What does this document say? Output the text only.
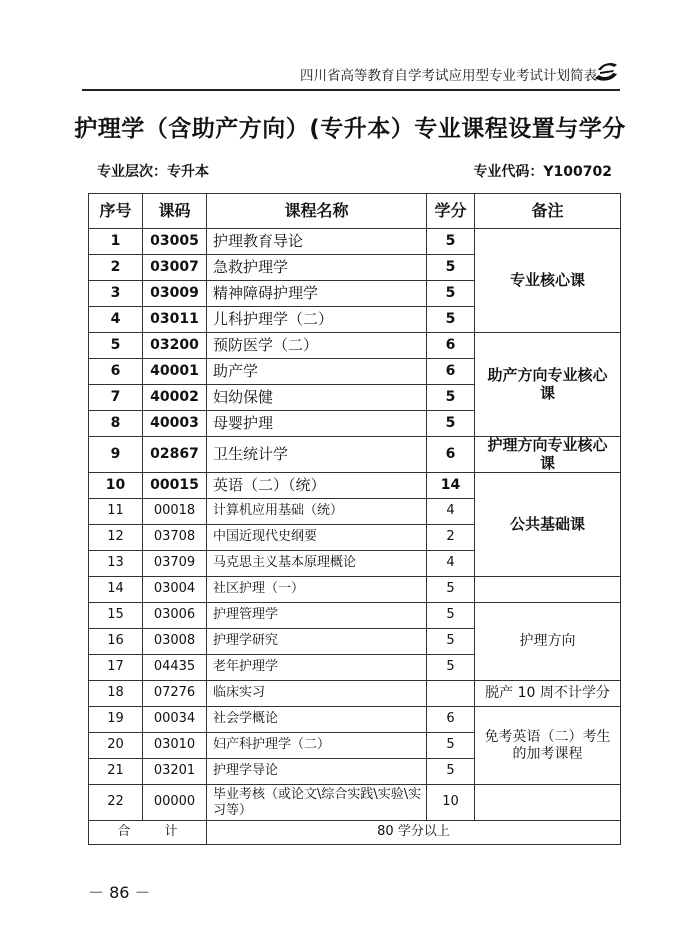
四川省高等教育自学考试应用型专业考试计划简表
护理学（含助产方向）(专升本）专业课程设置与学分
专业层次：专升本	专业代码：Y100702
序号	课码	课程名称	学分	备注
1	03005	护理教育导论	5	专业核心课
2	03007	急救护理学	5	
3	03009	精神障碍护理学	5	
4	03011	儿科护理学（二）	5	
5	03200	预防医学（二）	6	助产方向专业核心课
6	40001	助产学	6	
7	40002	妇幼保健	5	
8	40003	母婴护理	5	
9	02867	卫生统计学	6	护理方向专业核心课
10	00015	英语（二）（统）	14	公共基础课
11	00018	计算机应用基础（统）	4	
12	03708	中国近现代史纲要	2	
13	03709	马克思主义基本原理概论	4	
14	03004	社区护理（一）	5	
15	03006	护理管理学	5	护理方向
16	03008	护理学研究	5	
17	04435	老年护理学	5	
18	07276	临床实习		脱产 10 周不计学分
19	00034	社会学概论	6	免考英语（二）考生的加考课程
20	03010	妇产科护理学（二）	5	
21	03201	护理学导论	5	
22	00000	毕业考核（或论文\综合实践\实验\实习等）	10	
合 计		80 学分以上		
－ 86 －
